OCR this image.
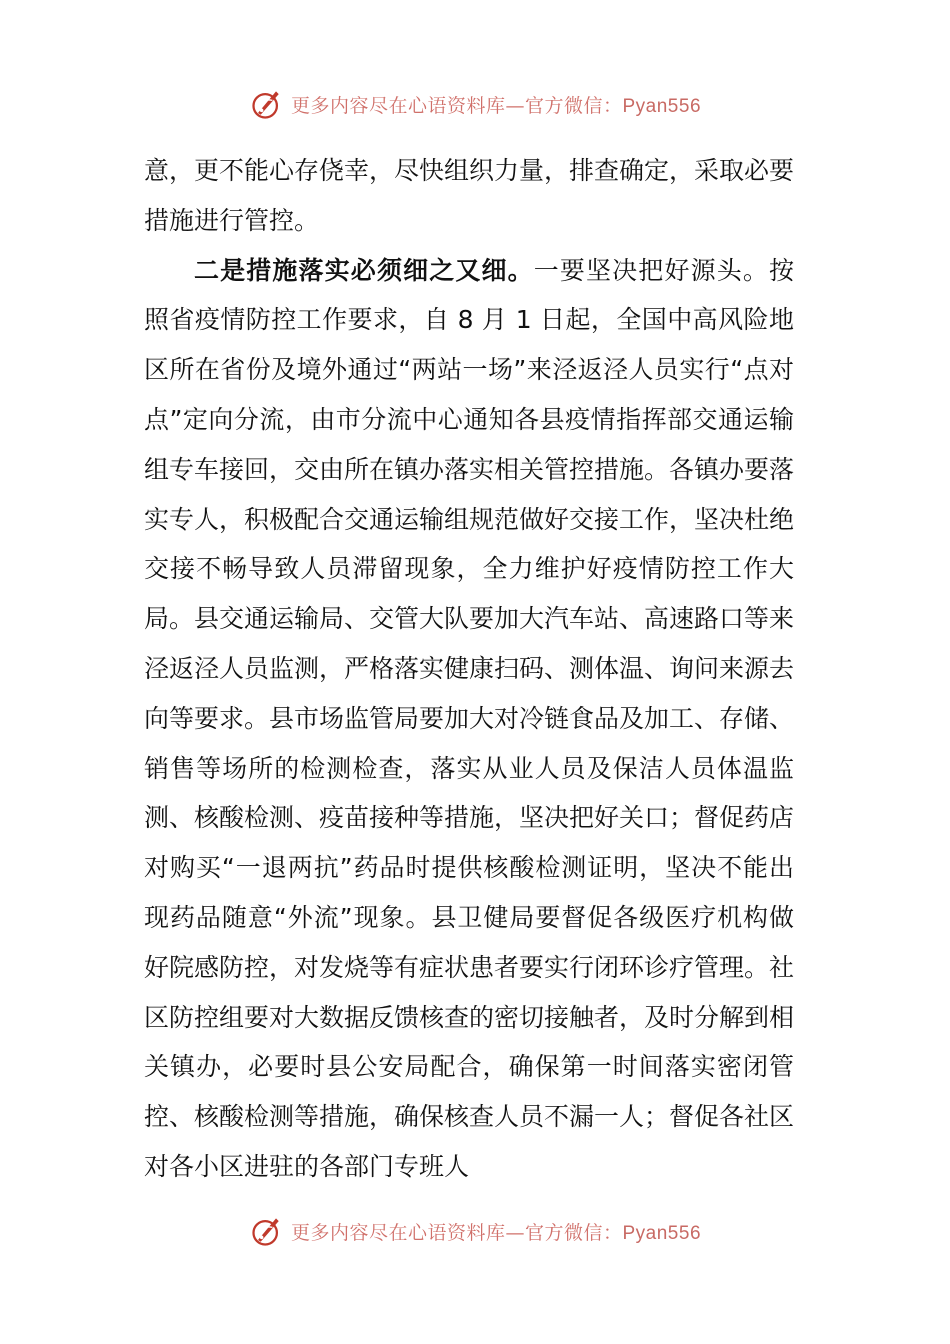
更多内容尽在心语资料库—官方微信：Pyan556

意，更不能心存侥幸，尽快组织力量，排查确定，采取必要措施进行管控。

二是措施落实必须细之又细。一要坚决把好源头。按照省疫情防控工作要求，自 8 月 1 日起，全国中高风险地区所在省份及境外通过“两站一场”来泾返泾人员实行“点对点”定向分流，由市分流中心通知各县疫情指挥部交通运输组专车接回，交由所在镇办落实相关管控措施。各镇办要落实专人，积极配合交通运输组规范做好交接工作，坚决杜绝交接不畅导致人员滞留现象，全力维护好疫情防控工作大局。县交通运输局、交管大队要加大汽车站、高速路口等来泾返泾人员监测，严格落实健康扫码、测体温、询问来源去向等要求。县市场监管局要加大对冷链食品及加工、存储、销售等场所的检测检查，落实从业人员及保洁人员体温监测、核酸检测、疫苗接种等措施，坚决把好关口；督促药店对购买“一退两抗”药品时提供核酸检测证明，坚决不能出现药品随意“外流”现象。县卫健局要督促各级医疗机构做好院感防控，对发烧等有症状患者要实行闭环诊疗管理。社区防控组要对大数据反馈核查的密切接触者，及时分解到相关镇办，必要时县公安局配合，确保第一时间落实密闭管控、核酸检测等措施，确保核查人员不漏一人；督促各社区对各小区进驻的各部门专班人

更多内容尽在心语资料库—官方微信：Pyan556
